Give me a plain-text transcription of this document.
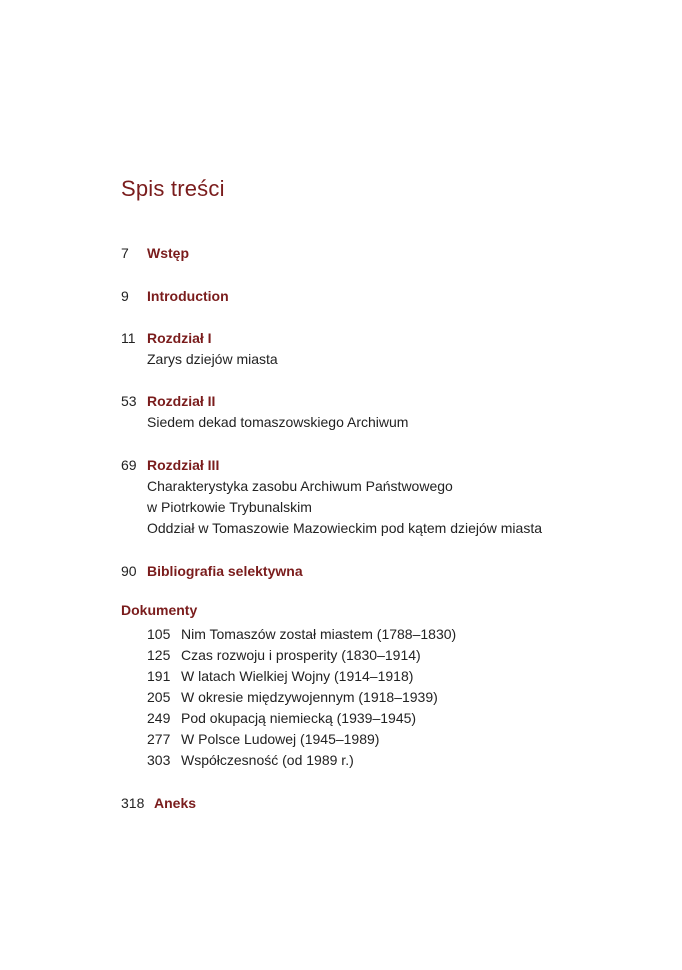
Spis treści
7 Wstęp
9 Introduction
11 Rozdział I
Zarys dziejów miasta
53 Rozdział II
Siedem dekad tomaszowskiego Archiwum
69 Rozdział III
Charakterystyka zasobu Archiwum Państwowego
w Piotrkowie Trybunalskim
Oddział w Tomaszowie Mazowieckim pod kątem dziejów miasta
90 Bibliografia selektywna
Dokumenty
105 Nim Tomaszów został miastem (1788–1830)
125 Czas rozwoju i prosperity (1830–1914)
191 W latach Wielkiej Wojny (1914–1918)
205 W okresie międzywojennym (1918–1939)
249 Pod okupacją niemiecką (1939–1945)
277 W Polsce Ludowej (1945–1989)
303 Współczesność (od 1989 r.)
318 Aneks
